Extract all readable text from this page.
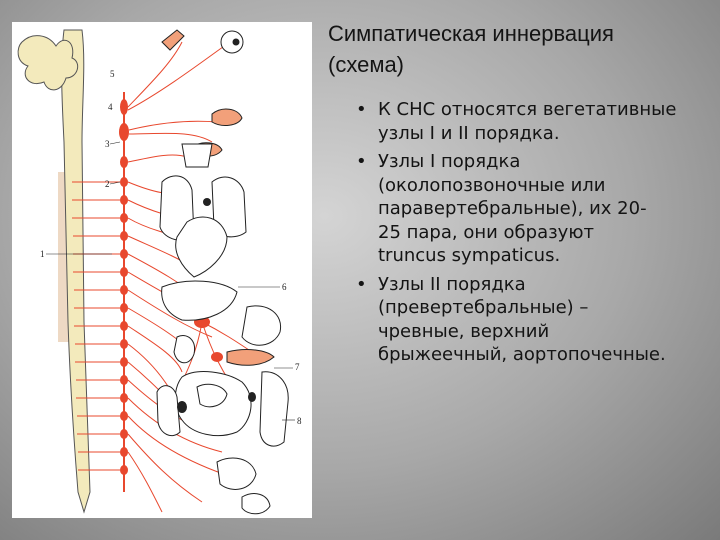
1
2
3
4
5
6
7
8
Симпатическая иннервация
(схема)
• К СНС относятся вегетативные
узлы I и II порядка.
• Узлы I порядка
(околопозвоночные или
паравертебральные), их 20-
25 пара, они образуют
truncus sympaticus.
• Узлы II порядка
(превертебральные) –
чревные, верхний
брыжеечный, аортопочечные.
